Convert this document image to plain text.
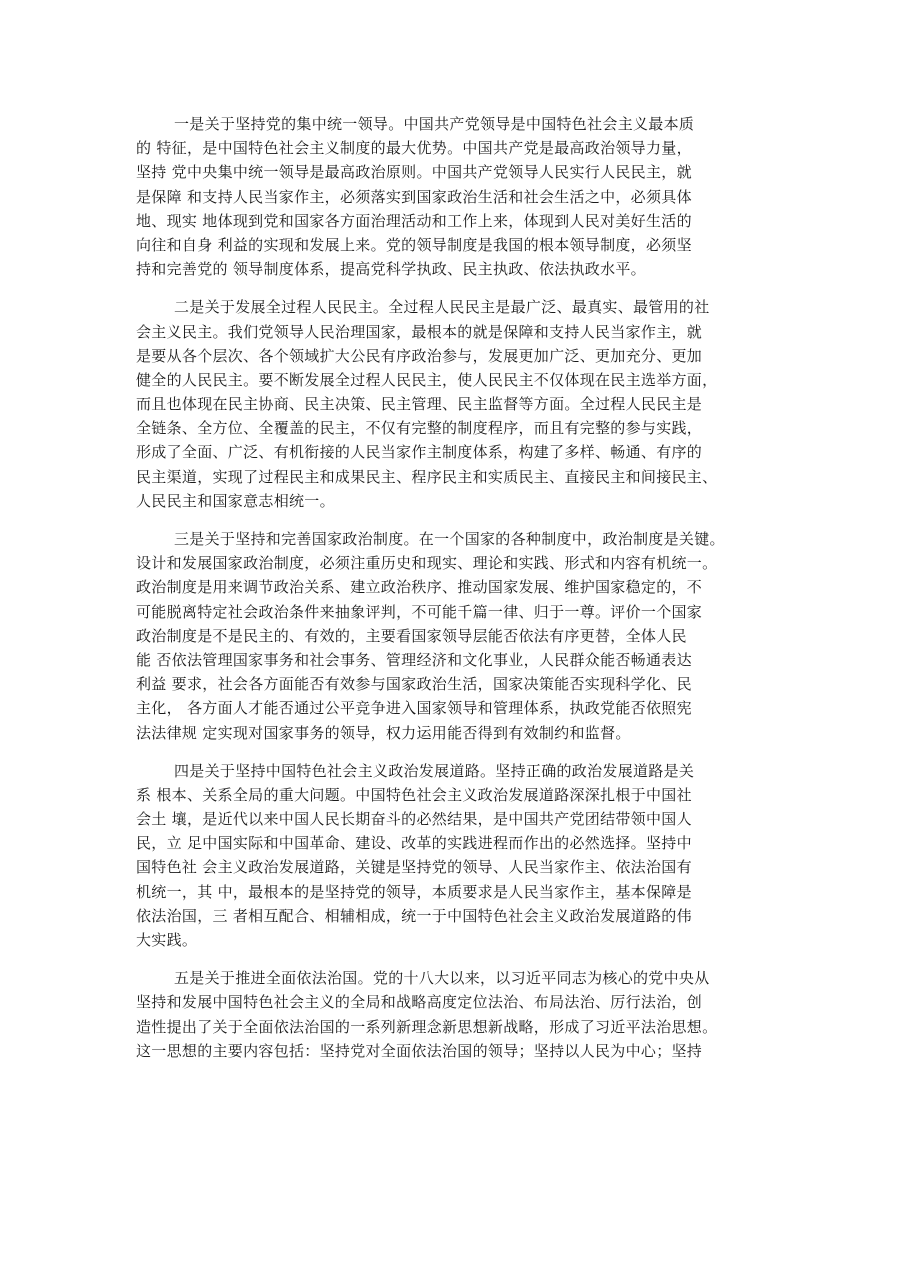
一是关于坚持党的集中统一领导。中国共产党领导是中国特色社会主义最本质
的 特征，是中国特色社会主义制度的最大优势。中国共产党是最高政治领导力量，
坚持 党中央集中统一领导是最高政治原则。中国共产党领导人民实行人民民主，就
是保障 和支持人民当家作主，必须落实到国家政治生活和社会生活之中，必须具体
地、现实 地体现到党和国家各方面治理活动和工作上来，体现到人民对美好生活的
向往和自身 利益的实现和发展上来。党的领导制度是我国的根本领导制度，必须坚
持和完善党的 领导制度体系，提高党科学执政、民主执政、依法执政水平。
二是关于发展全过程人民民主。全过程人民民主是最广泛、最真实、最管用的社
会主义民主。我们党领导人民治理国家，最根本的就是保障和支持人民当家作主，就
是要从各个层次、各个领域扩大公民有序政治参与，发展更加广泛、更加充分、更加
健全的人民民主。要不断发展全过程人民民主，使人民民主不仅体现在民主选举方面，
而且也体现在民主协商、民主决策、民主管理、民主监督等方面。全过程人民民主是
全链条、全方位、全覆盖的民主，不仅有完整的制度程序，而且有完整的参与实践，
形成了全面、广泛、有机衔接的人民当家作主制度体系，构建了多样、畅通、有序的
民主渠道，实现了过程民主和成果民主、程序民主和实质民主、直接民主和间接民主、
人民民主和国家意志相统一。
三是关于坚持和完善国家政治制度。在一个国家的各种制度中，政治制度是关键。
设计和发展国家政治制度，必须注重历史和现实、理论和实践、形式和内容有机统一。
政治制度是用来调节政治关系、建立政治秩序、推动国家发展、维护国家稳定的，不
可能脱离特定社会政治条件来抽象评判，不可能千篇一律、归于一尊。评价一个国家
政治制度是不是民主的、有效的，主要看国家领导层能否依法有序更替，全体人民
能 否依法管理国家事务和社会事务、管理经济和文化事业，人民群众能否畅通表达
利益 要求，社会各方面能否有效参与国家政治生活，国家决策能否实现科学化、民
主化， 各方面人才能否通过公平竞争进入国家领导和管理体系，执政党能否依照宪
法法律规 定实现对国家事务的领导，权力运用能否得到有效制约和监督。
四是关于坚持中国特色社会主义政治发展道路。坚持正确的政治发展道路是关
系 根本、关系全局的重大问题。中国特色社会主义政治发展道路深深扎根于中国社
会土 壤，是近代以来中国人民长期奋斗的必然结果，是中国共产党团结带领中国人
民，立 足中国实际和中国革命、建设、改革的实践进程而作出的必然选择。坚持中
国特色社 会主义政治发展道路，关键是坚持党的领导、人民当家作主、依法治国有
机统一，其 中，最根本的是坚持党的领导，本质要求是人民当家作主，基本保障是
依法治国，三 者相互配合、相辅相成，统一于中国特色社会主义政治发展道路的伟
大实践。
五是关于推进全面依法治国。党的十八大以来，以习近平同志为核心的党中央从
坚持和发展中国特色社会主义的全局和战略高度定位法治、布局法治、厉行法治，创
造性提出了关于全面依法治国的一系列新理念新思想新战略，形成了习近平法治思想。
这一思想的主要内容包括：坚持党对全面依法治国的领导；坚持以人民为中心；坚持
